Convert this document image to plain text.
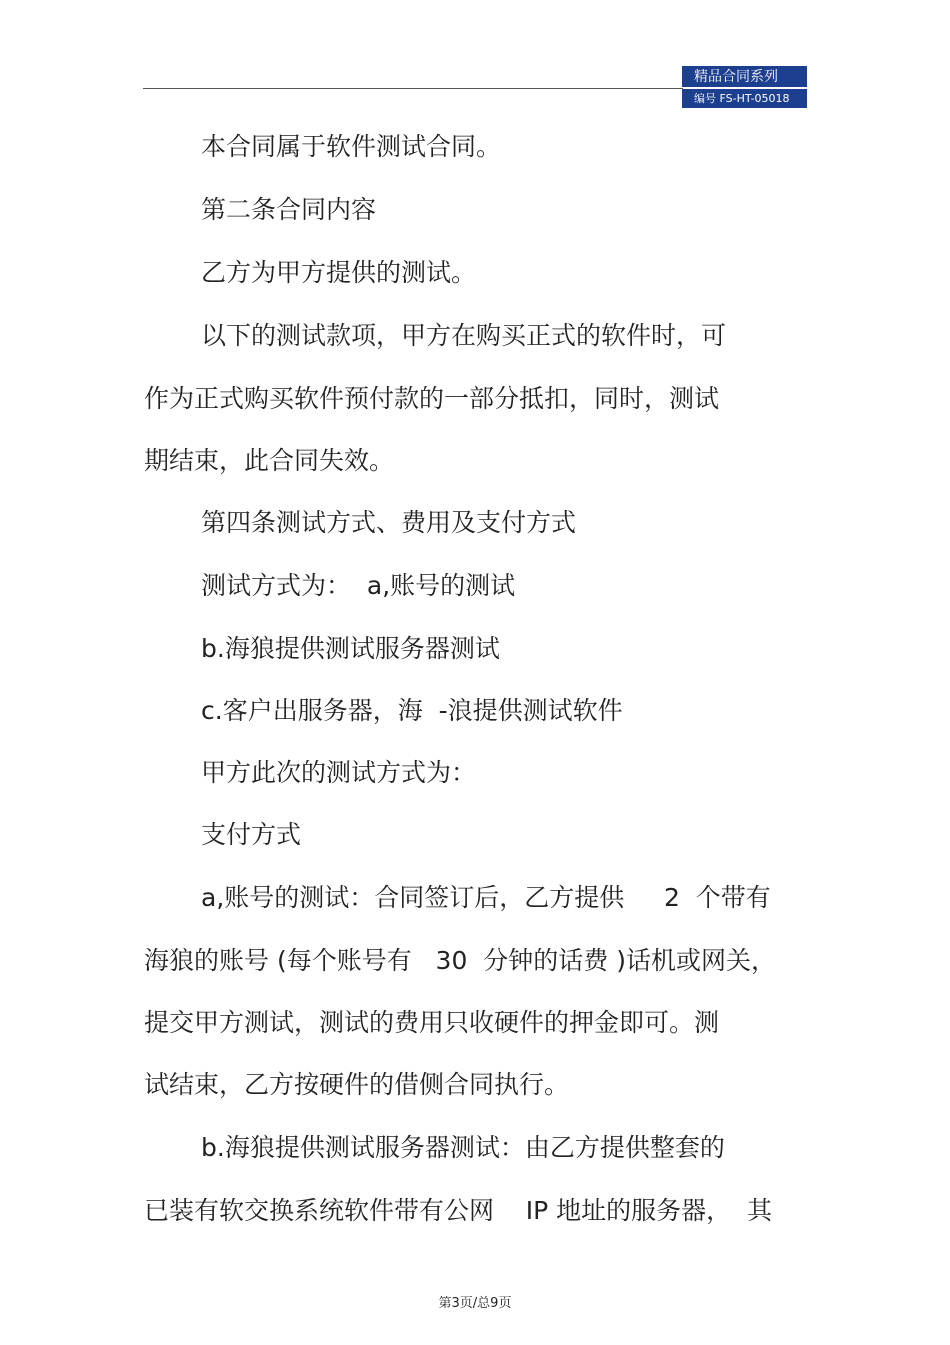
精品合同系列
编号 FS-HT-05018
本合同属于软件测试合同。
第二条合同内容
乙方为甲方提供的测试。
以下的测试款项，甲方在购买正式的软件时，可
作为正式购买软件预付款的一部分抵扣，同时，测试
期结束，此合同失效。
第四条测试方式、费用及支付方式
测试方式为：  a,账号的测试
b.海狼提供测试服务器测试
c.客户出服务器，海  -浪提供测试软件
甲方此次的测试方式为：
支付方式
a,账号的测试：合同签订后，乙方提供     2  个带有
海狼的账号 (每个账号有   30  分钟的话费 )话机或网关，
提交甲方测试，测试的费用只收硬件的押金即可。测
试结束，乙方按硬件的借侧合同执行。
b.海狼提供测试服务器测试：由乙方提供整套的
已装有软交换系统软件带有公网    IP 地址的服务器，  其
第3页/总9页
